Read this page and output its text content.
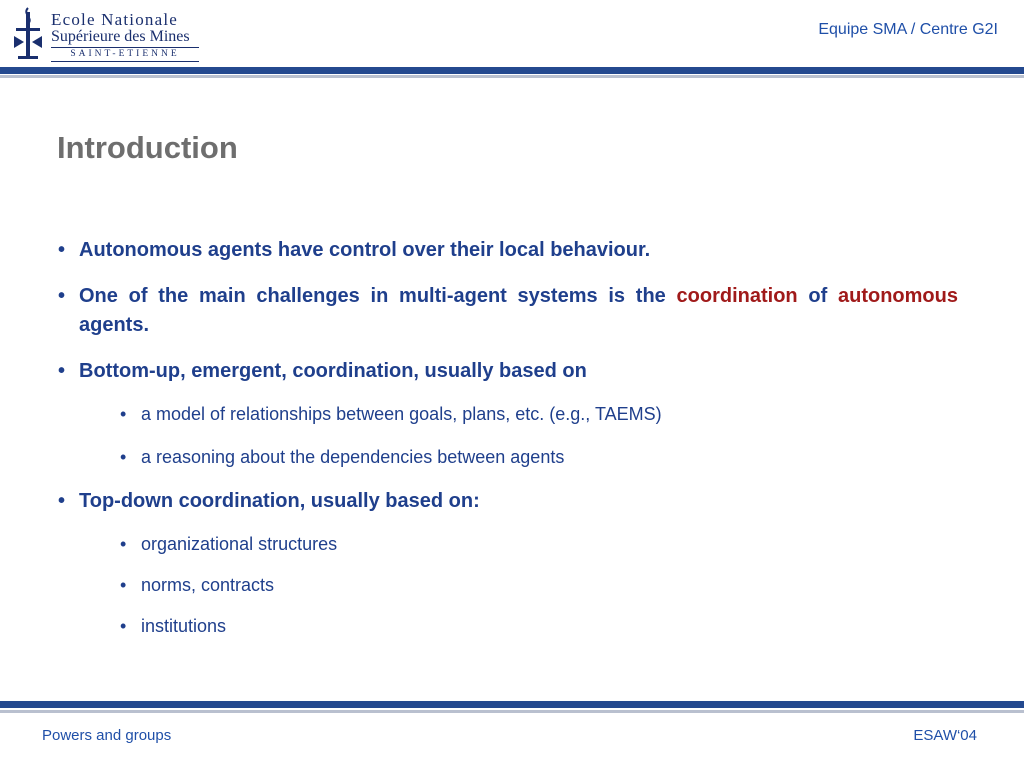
Ecole Nationale
Supérieure des Mines
SAINT-ETIENNE
Equipe SMA / Centre G2I
Introduction
• Autonomous agents have control over their local behaviour.
• One of the main challenges in multi-agent systems is the coordination of autonomous agents.
• Bottom-up, emergent, coordination, usually based on
• a model of relationships between goals, plans, etc. (e.g., TAEMS)
• a reasoning about the dependencies between agents
• Top-down coordination, usually based on:
• organizational structures
• norms, contracts
• institutions
Powers and groups	ESAW‘04
